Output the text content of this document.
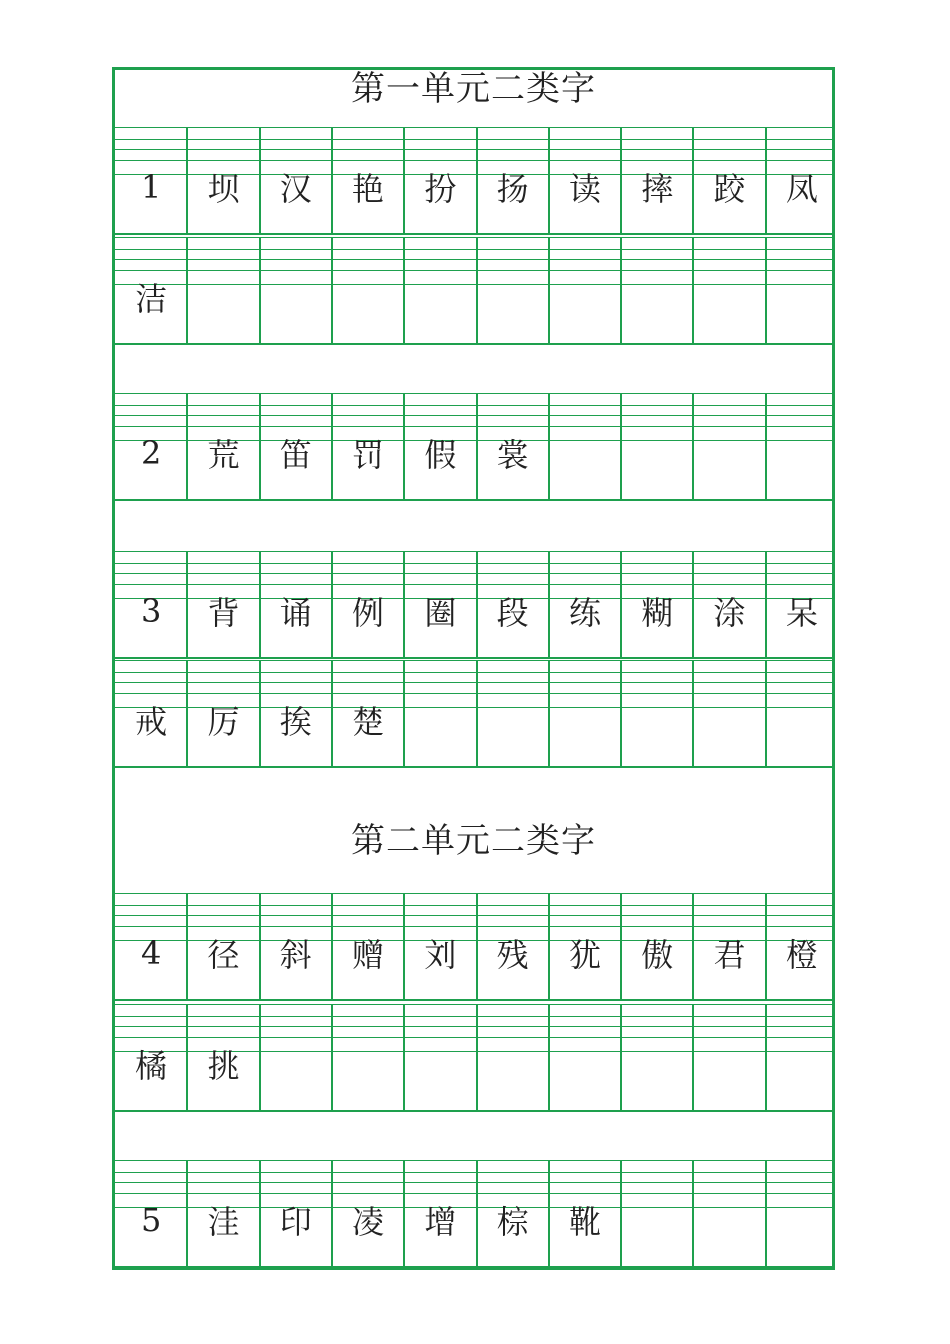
第一单元二类字
第二单元二类字
1	坝	汉	艳	扮	扬	读	摔	跤	凤
洁
2	荒	笛	罚	假	裳
3	背	诵	例	圈	段	练	糊	涂	呆
戒	厉	挨	楚
4	径	斜	赠	刘	残	犹	傲	君	橙
橘	挑
5	洼	印	凌	增	棕	靴
